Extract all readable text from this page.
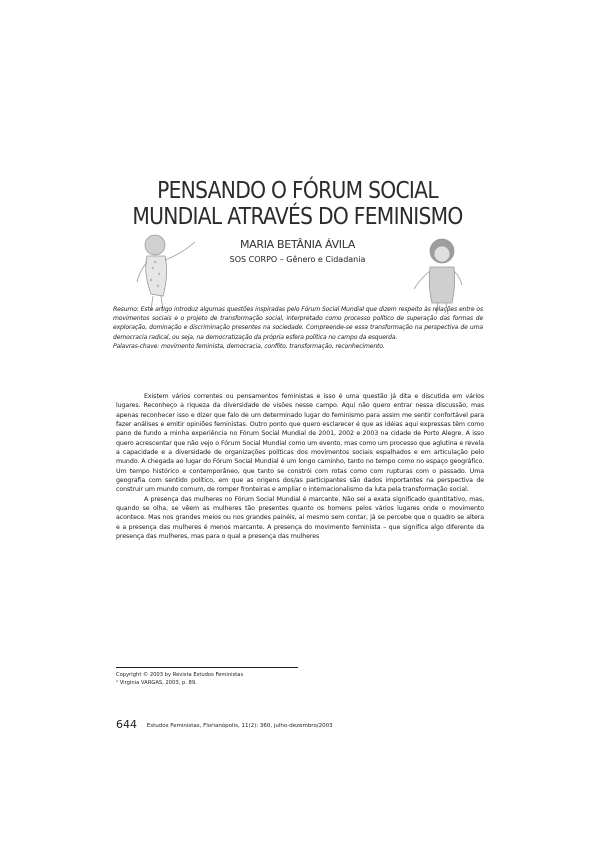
PENSANDO O FÓRUM SOCIAL
MUNDIAL ATRAVÉS DO FEMINISMO
MARIA BETÂNIA ÁVILA
SOS CORPO – Gênero e Cidadania

Resumo: Este artigo introduz algumas questões inspiradas pelo Fórum Social Mundial que dizem respeito às relações entre os movimentos sociais e o projeto de transformação social, interpretado como processo político de superação das formas de exploração, dominação e discriminação presentes na sociedade. Compreende-se essa transformação na perspectiva de uma democracia radical, ou seja, na democratização da própria esfera política no campo da esquerda.

Palavras-chave: movimento feminista, democracia, conflito, transformação, reconhecimento.

Existem vários correntes ou pensamentos feministas e isso é uma questão já dita e discutida em vários lugares. Reconheço a riqueza da diversidade de visões nesse campo. Aqui não quero entrar nessa discussão, mas apenas reconhecer isso e dizer que falo de um determinado lugar do feminismo para assim me sentir confortável para fazer análises e emitir opiniões feministas. Outro ponto que quero esclarecer é que as idéias aqui expressas têm como pano de fundo a minha experiência no Fórum Social Mundial de 2001, 2002 e 2003 na cidade de Porto Alegre. A isso quero acrescentar que não vejo o Fórum Social Mundial como um evento, mas como um processo que aglutina e revela a capacidade e a diversidade de organizações políticas dos movimentos sociais espalhados e em articulação pelo mundo. A chegada ao lugar do Fórum Social Mundial é um longo caminho, tanto no tempo como no espaço geográfico. Um tempo histórico e contemporâneo, que tanto se constrói com rotas como com rupturas com o passado. Uma geografia com sentido político, em que as origens dos/as participantes são dados importantes na perspectiva de construir um mundo comum, de romper fronteiras e ampliar o internacionalismo da luta pela transformação social.

A presença das mulheres no Fórum Social Mundial é marcante. Não sei a exata significado quantitativo, mas, quando se olha, se vêem as mulheres tão presentes quanto os homens pelos vários lugares onde o movimento acontece. Mas nos grandes meios ou nos grandes painéis, aí mesmo sem contar, já se percebe que o quadro se altera e a presença das mulheres é menos marcante. A presença do movimento feminista – que significa algo diferente da presença das mulheres, mas para o qual a presença das mulheres

Copyright © 2003 by Revista Estudos Feministas
¹ Virginia VARGAS, 2003, p. 89.
644 Estudos Feministas, Florianópolis, 11(2): 360, julho-dezembro/2003
